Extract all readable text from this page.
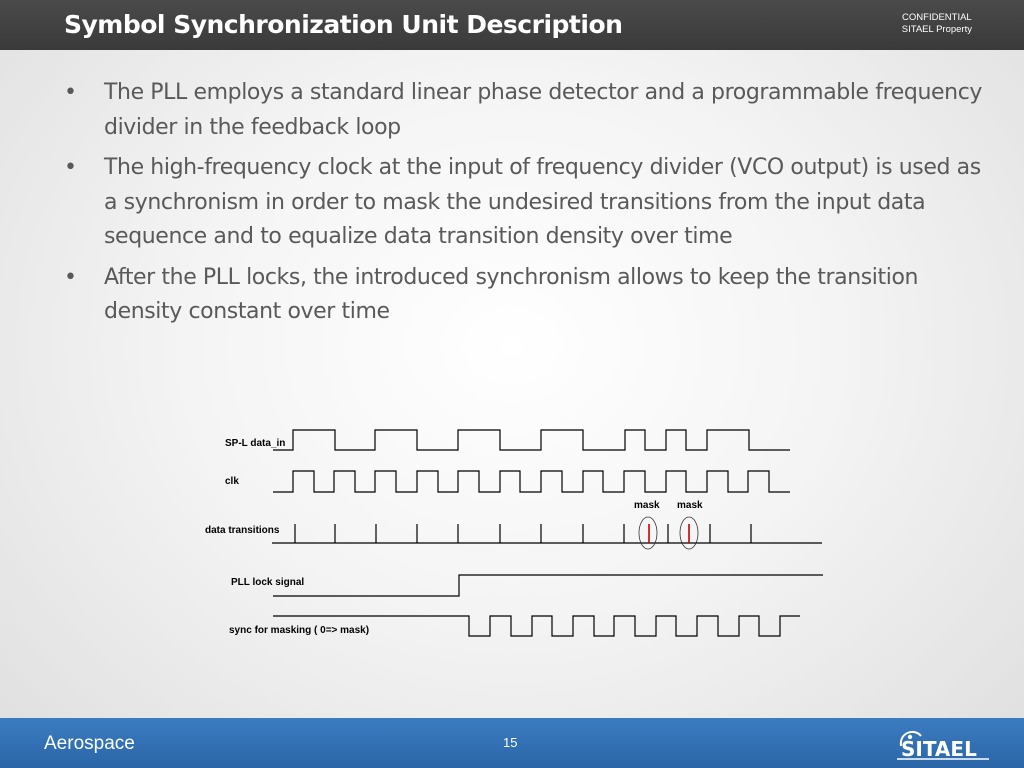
Symbol Synchronization Unit Description	CONFIDENTIAL
SITAEL Property
• The PLL employs a standard linear phase detector and a programmable frequency divider in the feedback loop
• The high-frequency clock at the input of frequency divider (VCO output) is used as a synchronism in order to mask the undesired transitions from the input data sequence and to equalize data transition density over time
• After the PLL locks, the introduced synchronism allows to keep the transition density constant over time
SP-L data_in
clk
data transitions
PLL lock signal
sync for masking ( 0=> mask)
mask mask
Aerospace	15	SITAEL
